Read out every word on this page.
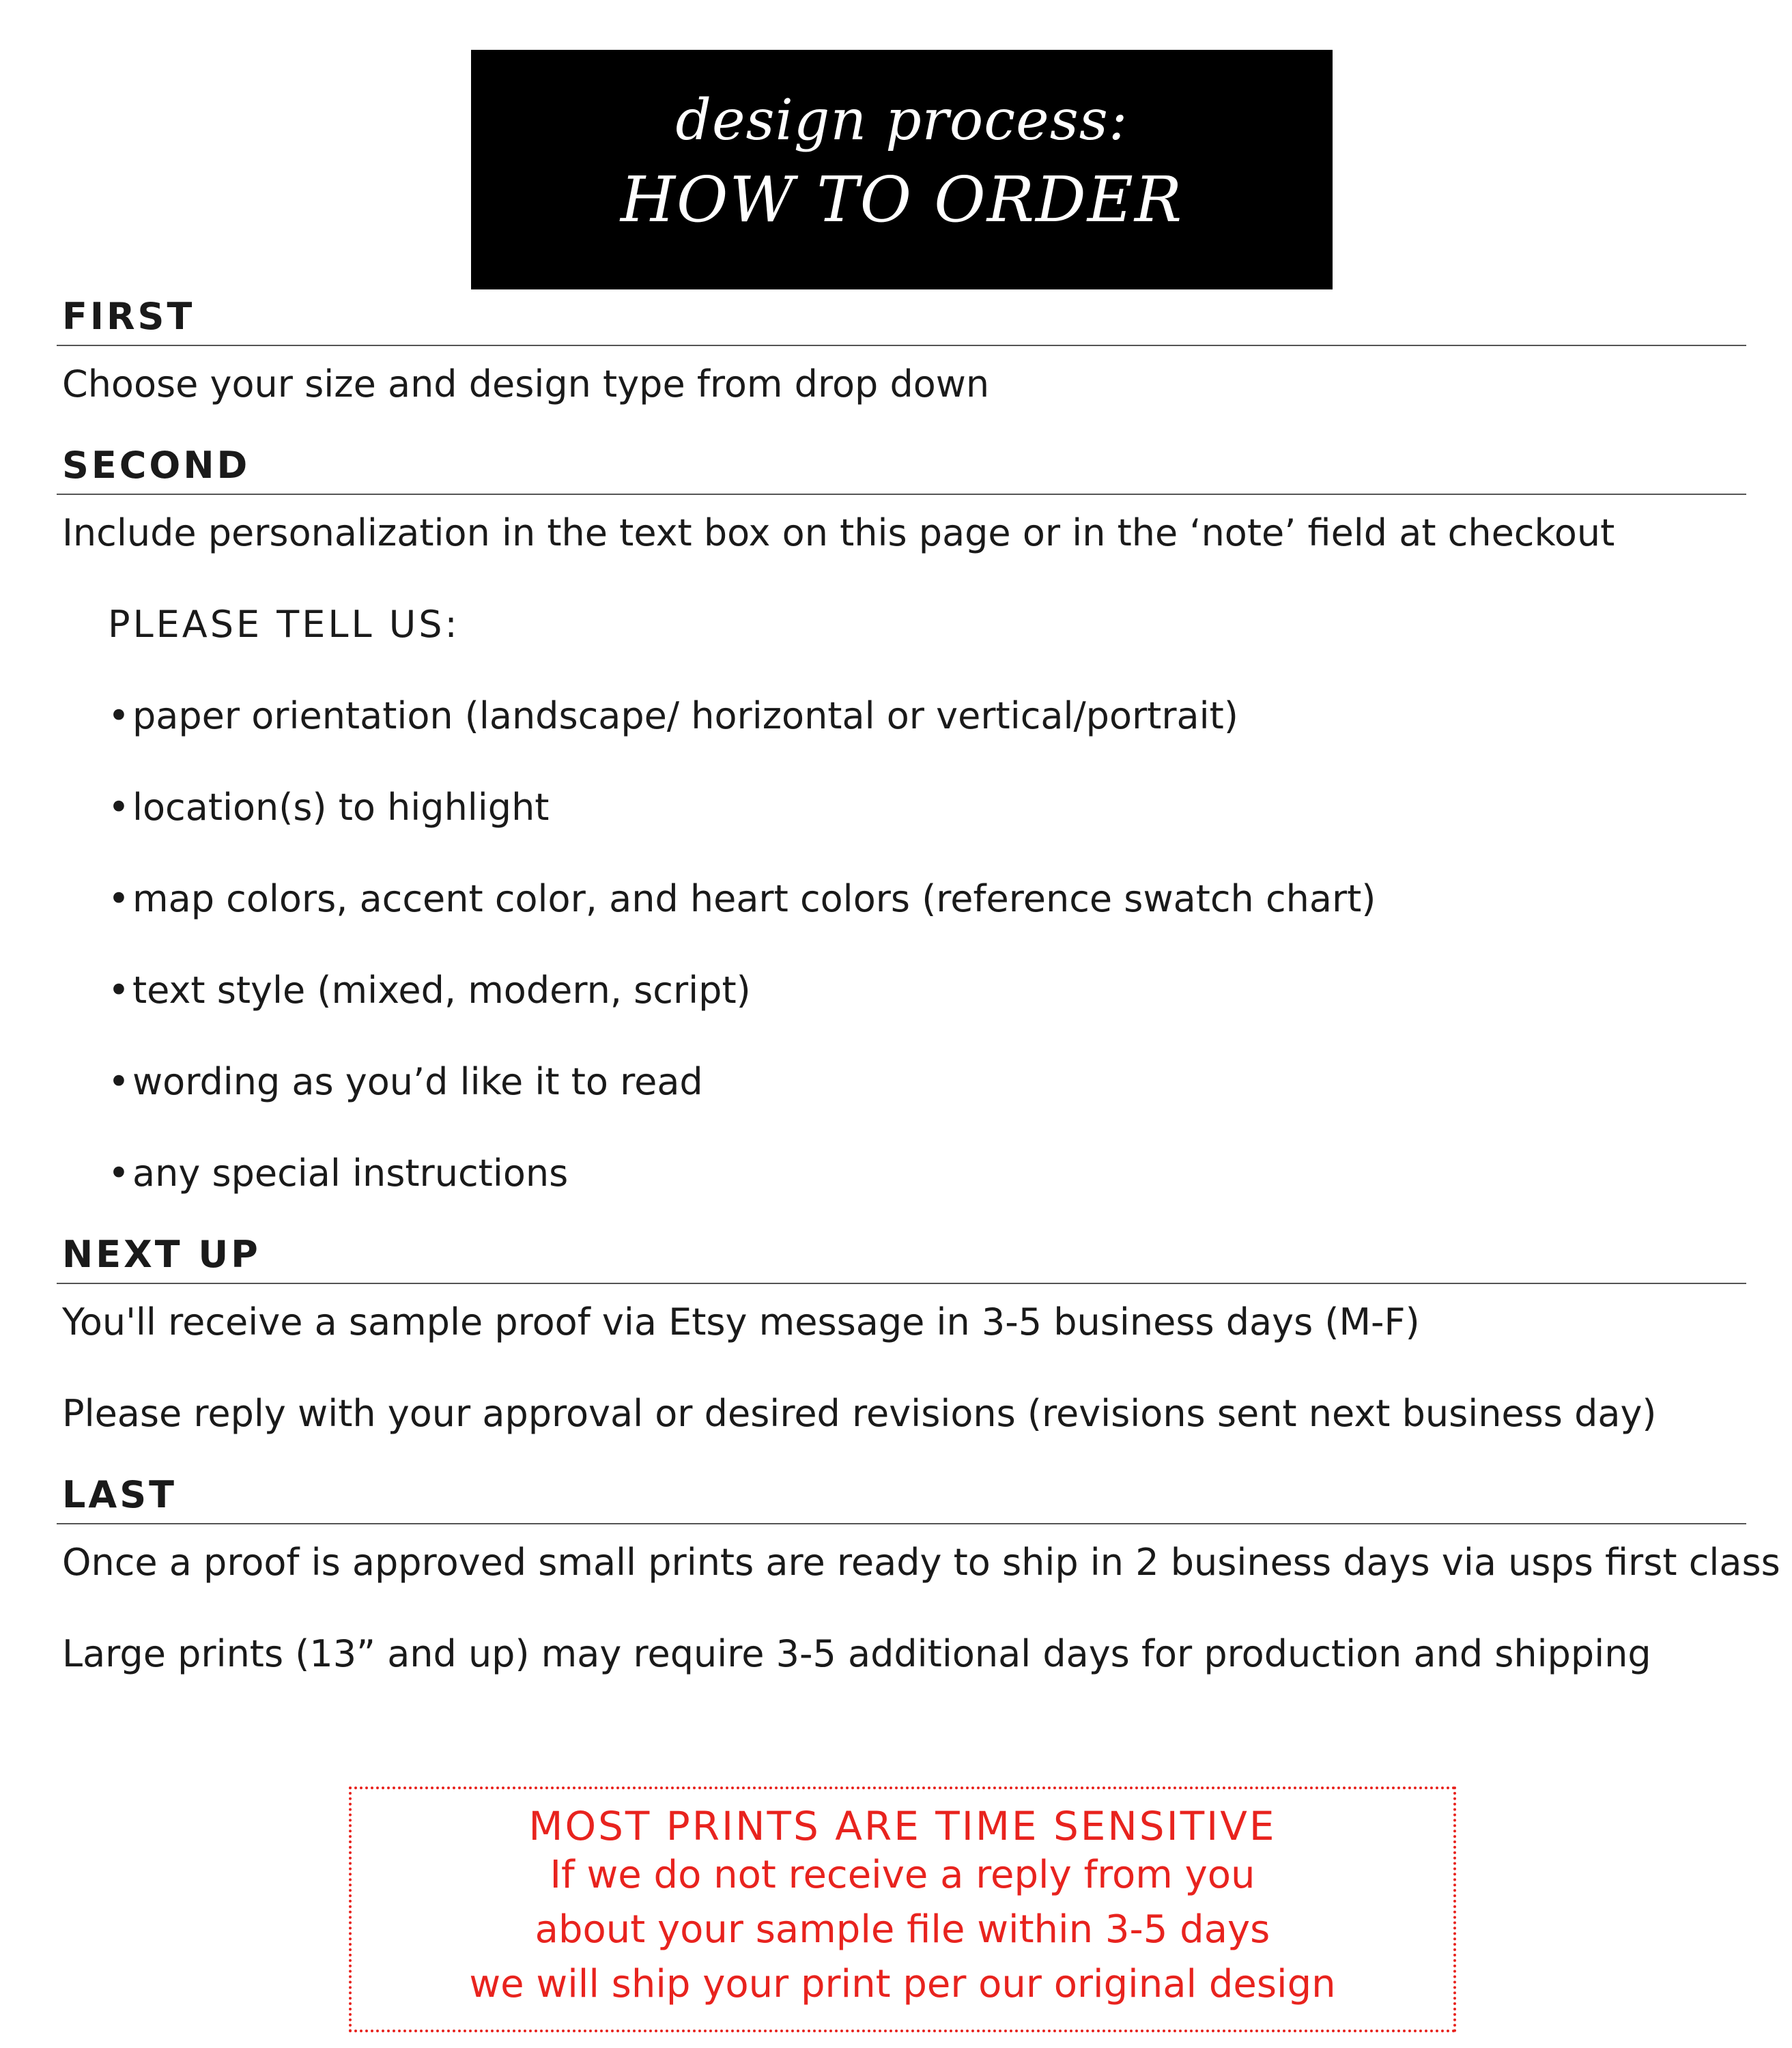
design process:
HOW TO ORDER
FIRST

Choose your size and design type from drop down

SECOND

Include personalization in the text box on this page or in the ‘note’ field at checkout

PLEASE TELL US:

•paper orientation (landscape/ horizontal or vertical/portrait)
•location(s) to highlight
•map colors, accent color, and heart colors (reference swatch chart)
•text style (mixed, modern, script)
•wording as you’d like it to read
•any special instructions
NEXT UP

You'll receive a sample proof via Etsy message in 3-5 business days (M-F)

Please reply with your approval or desired revisions (revisions sent next business day)

LAST

Once a proof is approved small prints are ready to ship in 2 business days via usps first class

Large prints (13” and up) may require 3-5 additional days for production and shipping

MOST PRINTS ARE TIME SENSITIVE
If we do not receive a reply from you
about your sample file within 3-5 days
we will ship your print per our original design
